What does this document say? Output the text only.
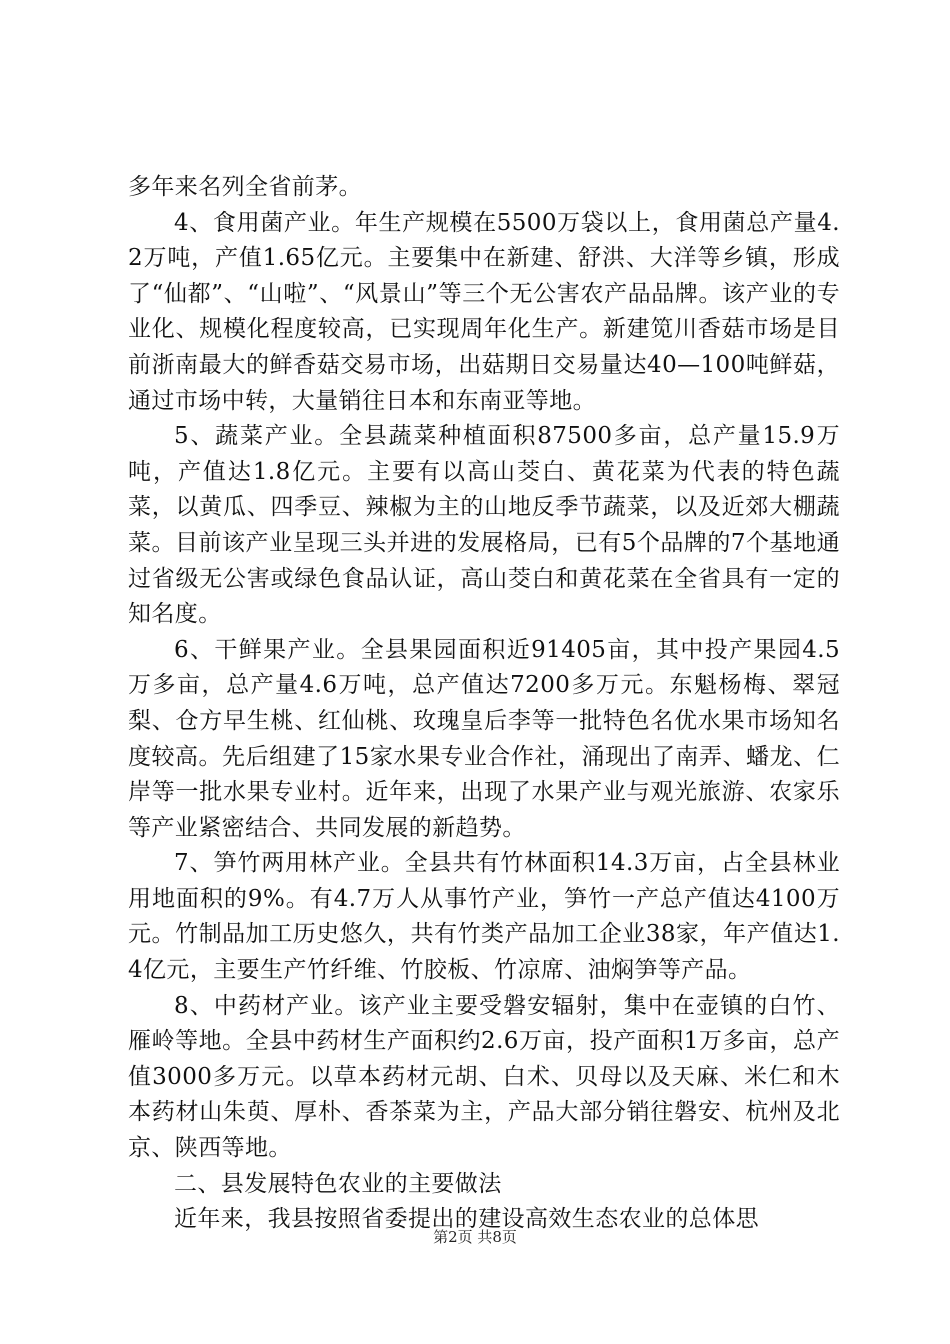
多年来名列全省前茅。

4、食用菌产业。年生产规模在5500万袋以上，食用菌总产量4.2万吨，产值1.65亿元。主要集中在新建、舒洪、大洋等乡镇，形成了“仙都”、“山啦”、“风景山”等三个无公害农产品品牌。该产业的专业化、规模化程度较高，已实现周年化生产。新建笕川香菇市场是目前浙南最大的鲜香菇交易市场，出菇期日交易量达40—100吨鲜菇，通过市场中转，大量销往日本和东南亚等地。

5、蔬菜产业。全县蔬菜种植面积87500多亩，总产量15.9万吨，产值达1.8亿元。主要有以高山茭白、黄花菜为代表的特色蔬菜，以黄瓜、四季豆、辣椒为主的山地反季节蔬菜，以及近郊大棚蔬菜。目前该产业呈现三头并进的发展格局，已有5个品牌的7个基地通过省级无公害或绿色食品认证，高山茭白和黄花菜在全省具有一定的知名度。

6、干鲜果产业。全县果园面积近91405亩，其中投产果园4.5万多亩，总产量4.6万吨，总产值达7200多万元。东魁杨梅、翠冠梨、仓方早生桃、红仙桃、玫瑰皇后李等一批特色名优水果市场知名度较高。先后组建了15家水果专业合作社，涌现出了南弄、蟠龙、仁岸等一批水果专业村。近年来，出现了水果产业与观光旅游、农家乐等产业紧密结合、共同发展的新趋势。

7、笋竹两用林产业。全县共有竹林面积14.3万亩，占全县林业用地面积的9%。有4.7万人从事竹产业，笋竹一产总产值达4100万元。竹制品加工历史悠久，共有竹类产品加工企业38家，年产值达1.4亿元，主要生产竹纤维、竹胶板、竹凉席、油焖笋等产品。

8、中药材产业。该产业主要受磐安辐射，集中在壶镇的白竹、雁岭等地。全县中药材生产面积约2.6万亩，投产面积1万多亩，总产值3000多万元。以草本药材元胡、白术、贝母以及天麻、米仁和木本药材山朱萸、厚朴、香茶菜为主，产品大部分销往磐安、杭州及北京、陕西等地。

二、县发展特色农业的主要做法

近年来，我县按照省委提出的建设高效生态农业的总体思

第2页 共8页
